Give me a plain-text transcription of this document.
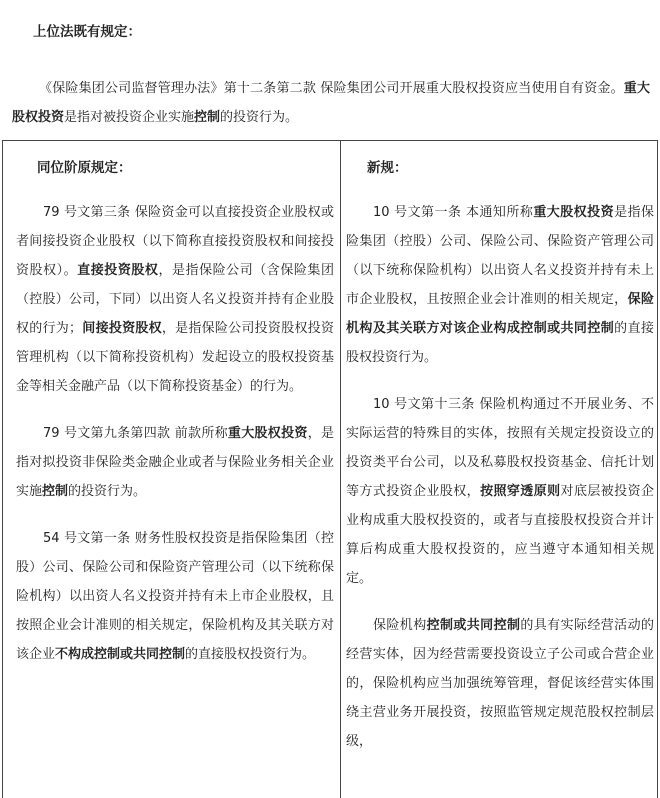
上位法既有规定：

《保险集团公司监督管理办法》第十二条第二款 保险集团公司开展重大股权投资应当使用自有资金。重大股权投资是指对被投资企业实施控制的投资行为。

同位阶原规定：

79 号文第三条 保险资金可以直接投资企业股权或者间接投资企业股权（以下简称直接投资股权和间接投资股权）。直接投资股权，是指保险公司（含保险集团（控股）公司，下同）以出资人名义投资并持有企业股权的行为；间接投资股权，是指保险公司投资股权投资管理机构（以下简称投资机构）发起设立的股权投资基金等相关金融产品（以下简称投资基金）的行为。

79 号文第九条第四款 前款所称重大股权投资，是指对拟投资非保险类金融企业或者与保险业务相关企业实施控制的投资行为。

54 号文第一条 财务性股权投资是指保险集团（控股）公司、保险公司和保险资产管理公司（以下统称保险机构）以出资人名义投资并持有未上市企业股权，且按照企业会计准则的相关规定，保险机构及其关联方对该企业不构成控制或共同控制的直接股权投资行为。

新规：

10 号文第一条 本通知所称重大股权投资是指保险集团（控股）公司、保险公司、保险资产管理公司（以下统称保险机构）以出资人名义投资并持有未上市企业股权，且按照企业会计准则的相关规定，保险机构及其关联方对该企业构成控制或共同控制的直接股权投资行为。

10 号文第十三条 保险机构通过不开展业务、不实际运营的特殊目的实体，按照有关规定投资设立的投资类平台公司，以及私募股权投资基金、信托计划等方式投资企业股权，按照穿透原则对底层被投资企业构成重大股权投资的，或者与直接股权投资合并计算后构成重大股权投资的，应当遵守本通知相关规定。

保险机构控制或共同控制的具有实际经营活动的经营实体，因为经营需要投资设立子公司或合营企业的，保险机构应当加强统筹管理，督促该经营实体围绕主营业务开展投资，按照监管规定规范股权控制层级，
